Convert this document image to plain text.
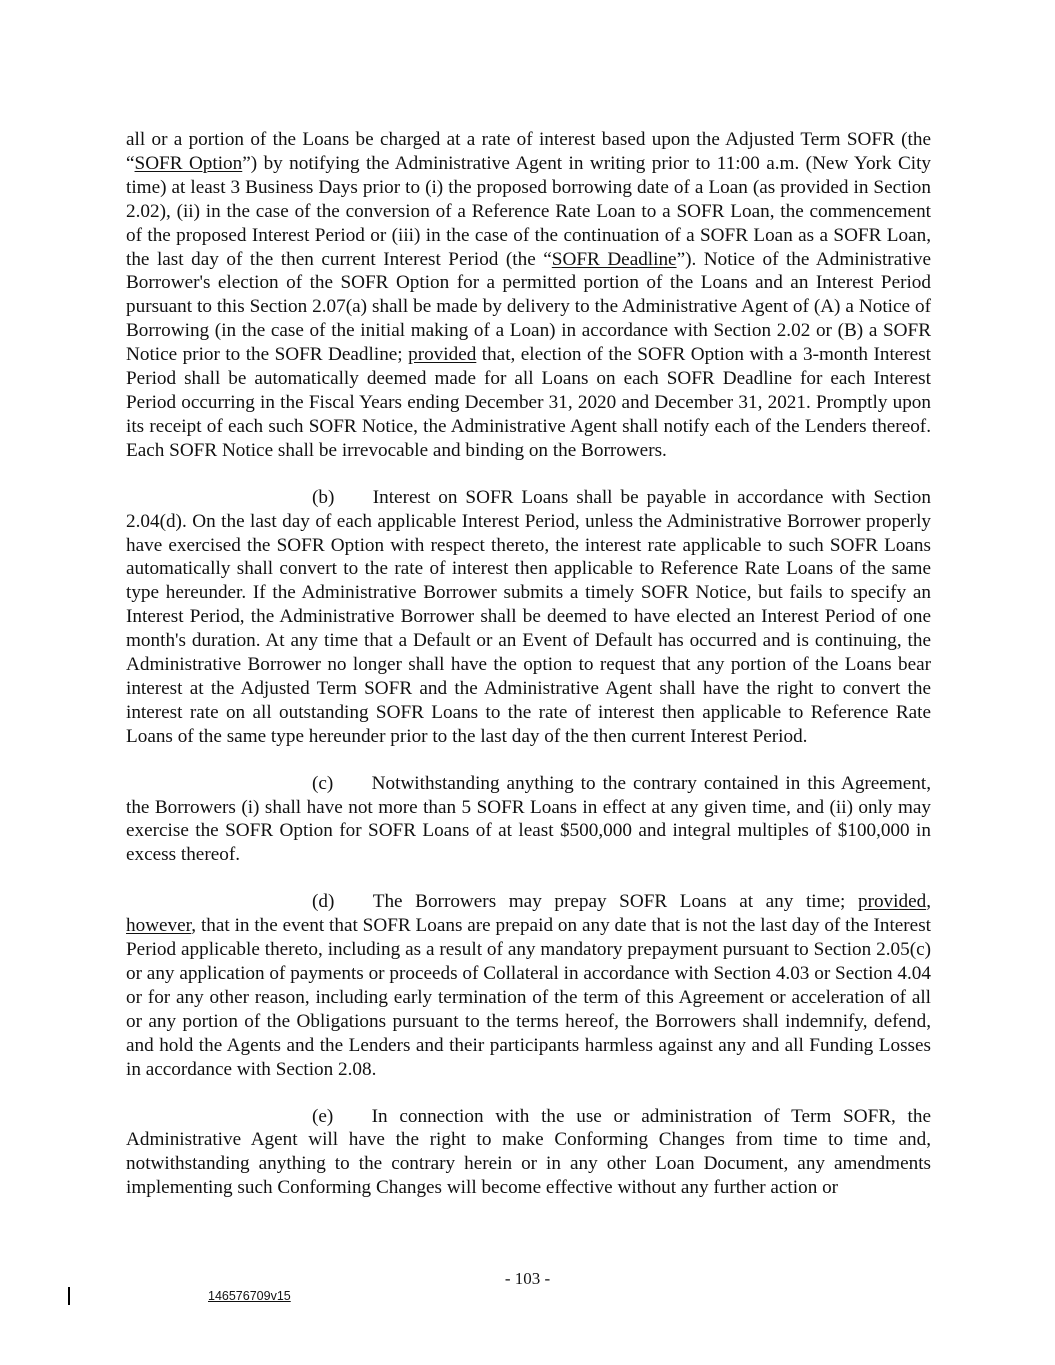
all or a portion of the Loans be charged at a rate of interest based upon the Adjusted Term SOFR (the “SOFR Option”) by notifying the Administrative Agent in writing prior to 11:00 a.m. (New York City time) at least 3 Business Days prior to (i) the proposed borrowing date of a Loan (as provided in Section 2.02), (ii) in the case of the conversion of a Reference Rate Loan to a SOFR Loan, the commencement of the proposed Interest Period or (iii) in the case of the continuation of a SOFR Loan as a SOFR Loan, the last day of the then current Interest Period (the “SOFR Deadline”). Notice of the Administrative Borrower's election of the SOFR Option for a permitted portion of the Loans and an Interest Period pursuant to this Section 2.07(a) shall be made by delivery to the Administrative Agent of (A) a Notice of Borrowing (in the case of the initial making of a Loan) in accordance with Section 2.02 or (B) a SOFR Notice prior to the SOFR Deadline; provided that, election of the SOFR Option with a 3-month Interest Period shall be automatically deemed made for all Loans on each SOFR Deadline for each Interest Period occurring in the Fiscal Years ending December 31, 2020 and December 31, 2021. Promptly upon its receipt of each such SOFR Notice, the Administrative Agent shall notify each of the Lenders thereof. Each SOFR Notice shall be irrevocable and binding on the Borrowers.

(b)  Interest on SOFR Loans shall be payable in accordance with Section 2.04(d). On the last day of each applicable Interest Period, unless the Administrative Borrower properly have exercised the SOFR Option with respect thereto, the interest rate applicable to such SOFR Loans automatically shall convert to the rate of interest then applicable to Reference Rate Loans of the same type hereunder. If the Administrative Borrower submits a timely SOFR Notice, but fails to specify an Interest Period, the Administrative Borrower shall be deemed to have elected an Interest Period of one month's duration. At any time that a Default or an Event of Default has occurred and is continuing, the Administrative Borrower no longer shall have the option to request that any portion of the Loans bear interest at the Adjusted Term SOFR and the Administrative Agent shall have the right to convert the interest rate on all outstanding SOFR Loans to the rate of interest then applicable to Reference Rate Loans of the same type hereunder prior to the last day of the then current Interest Period.

(c)  Notwithstanding anything to the contrary contained in this Agreement, the Borrowers (i) shall have not more than 5 SOFR Loans in effect at any given time, and (ii) only may exercise the SOFR Option for SOFR Loans of at least $500,000 and integral multiples of $100,000 in excess thereof.

(d)  The Borrowers may prepay SOFR Loans at any time; provided, however, that in the event that SOFR Loans are prepaid on any date that is not the last day of the Interest Period applicable thereto, including as a result of any mandatory prepayment pursuant to Section 2.05(c) or any application of payments or proceeds of Collateral in accordance with Section 4.03 or Section 4.04 or for any other reason, including early termination of the term of this Agreement or acceleration of all or any portion of the Obligations pursuant to the terms hereof, the Borrowers shall indemnify, defend, and hold the Agents and the Lenders and their participants harmless against any and all Funding Losses in accordance with Section 2.08.

(e)  In connection with the use or administration of Term SOFR, the Administrative Agent will have the right to make Conforming Changes from time to time and, notwithstanding anything to the contrary herein or in any other Loan Document, any amendments implementing such Conforming Changes will become effective without any further action or

- 103 -
146576709v15
